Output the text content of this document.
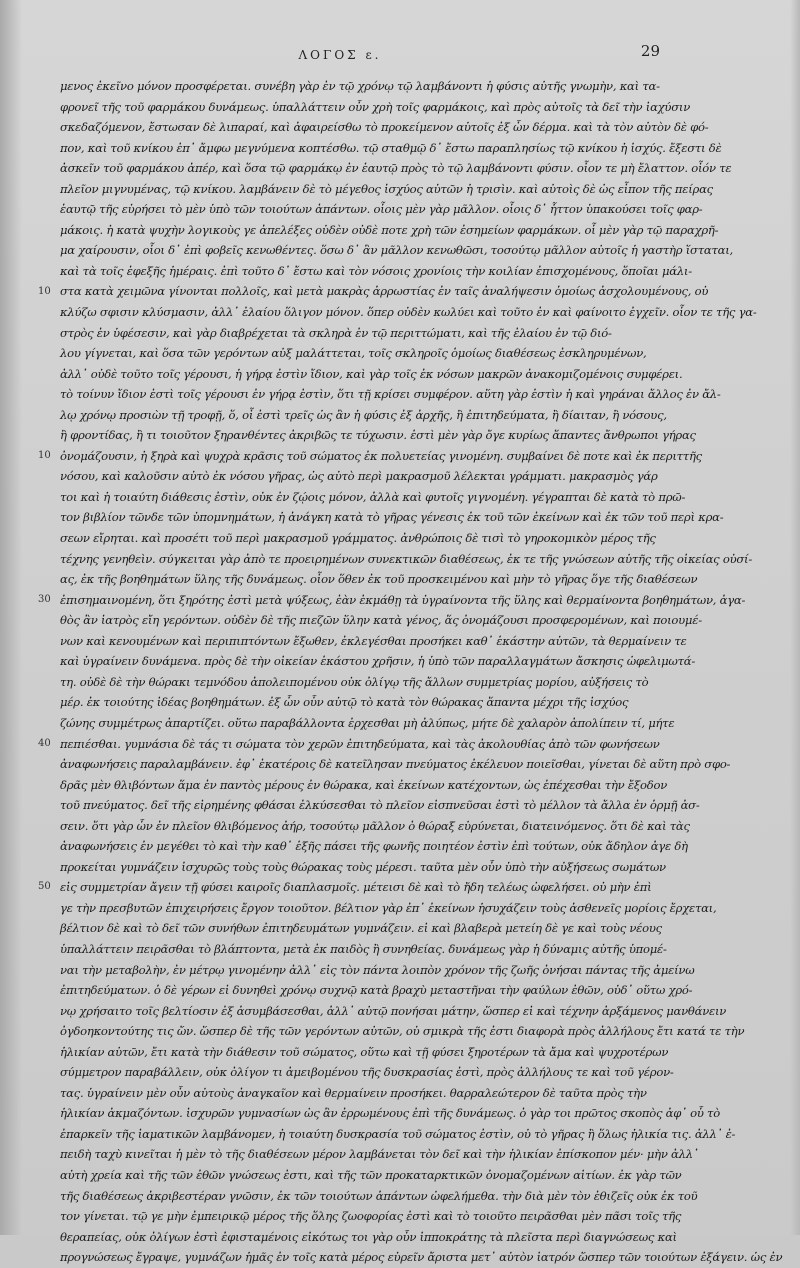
ΛΟΓΟΣ ε.	29
μενος ἐκεῖνο μόνον προσφέρεται. συνέβη γὰρ ἐν τῷ χρόνῳ τῷ λαμβάνοντι ἡ φύσις αὐτῆς γνωμὴν, καὶ τα-
φρονεῖ τῆς τοῦ φαρμάκου δυνάμεως. ὑπαλλάττειν οὖν χρὴ τοῖς φαρμάκοις, καὶ πρὸς αὐτοῖς τὰ δεῖ τὴν ἰαχύσιν
σκεδαζόμενον, ἔστωσαν δὲ λιπαραί, καὶ ἀφαιρείσθω τὸ προκείμενον αὐτοῖς ἐξ ὧν δέρμα. καὶ τὰ τὸν αὐτὸν δὲ φό-
πον, καὶ τοῦ κνίκου ἐπ᾽ ἄμφω μεγνύμενα κοπτέσθω. τῷ σταθμῷ δ᾽ ἔστω παραπλησίως τῷ κνίκου ἡ ἰσχύς. ἔξεστι δὲ
ἀσκεῖν τοῦ φαρμάκου ἀπέρ, καὶ ὅσα τῷ φαρμάκῳ ἐν ἑαυτῷ πρὸς τὸ τῷ λαμβάνοντι φύσιν. οἷον τε μὴ ἔλαττον. οἷόν τε
πλεῖον μιγνυμένας, τῷ κνίκου. λαμβάνειν δὲ τὸ μέγεθος ἰσχύος αὐτῶν ἡ τρισὶν. καὶ αὐτοὶς δὲ ὡς εἶπον τῆς πείρας
ἑαυτῷ τῆς εὑρήσει τὸ μὲν ὑπὸ τῶν τοιούτων ἁπάντων. οἷοις μὲν γὰρ μᾶλλον. οἷοις δ᾽ ἧττον ὑπακούσει τοῖς φαρ-
μάκοις. ἡ κατὰ ψυχὴν λογικοὺς γε ἀπελέξες οὐδὲν οὐδὲ ποτε χρὴ τῶν ἐσημείων φαρμάκων. οἷ μὲν γὰρ τῷ παραχρῆ-
μα χαίρουσιν, οἷοι δ᾽ ἐπὶ φοβεῖς κενωθέντες. ὅσω δ᾽ ἂν μᾶλλον κενωθῶσι, τοσούτῳ μᾶλλον αὐτοῖς ἡ γαστὴρ ἵσταται,
καὶ τὰ τοῖς ἐφεξῆς ἡμέραις. ἐπὶ τοῦτο δ᾽ ἔστω καὶ τὸν νόσοις χρονίοις τὴν κοιλίαν ἐπισχομένους, ὅποῖαι μάλι-
στα κατὰ χειμῶνα γίνονται πολλοῖς, καὶ μετὰ μακρὰς ἀρρωστίας ἐν ταῖς ἀναλήψεσιν ὁμοίως ἀσχολουμένους, οὐ
κλύζω σφισιν κλύσμασιν, ἀλλ᾽ ἐλαίου ὅλιγον μόνον. ὅπερ οὐδὲν κωλύει καὶ τοῦτο ἐν καὶ φαίνοιτο ἐγχεῖν. οἷον τε τῆς γα-
στρὸς ἐν ὑφέσεσιν, καὶ γὰρ διαβρέχεται τὰ σκληρὰ ἐν τῷ περιττώματι, καὶ τῆς ἐλαίου ἐν τῷ διό-
λου γίγνεται, καὶ ὅσα τῶν γερόντων αὐξ μαλάττεται, τοῖς σκληροῖς ὁμοίως διαθέσεως ἐσκληρυμένων,
ἀλλ᾽ οὐδὲ τοῦτο τοῖς γέρουσι, ἡ γήρᾳ ἐστὶν ἴδιον, καὶ γὰρ τοῖς ἐκ νόσων μακρῶν ἀνακομιζομένοις συμφέρει.
τὸ τοίνυν ἴδιον ἐστὶ τοῖς γέρουσι ἐν γήρᾳ ἐστὶν, ὅτι τῇ κρίσει συμφέρον. αὕτη γὰρ ἐστὶν ἡ καὶ γηράναι ἄλλος ἐν ἄλ-
λῳ χρόνῳ προσιὼν τῇ τροφῇ, ὅ, οἷ ἐστὶ τρεῖς ὡς ἂν ἡ φύσις ἐξ ἀρχῆς, ἢ ἐπιτηδεύματα, ἢ δίαιταν, ἢ νόσους,
ἢ φροντίδας, ἢ τι τοιοῦτον ξηρανθέντες ἀκριβῶς τε τύχωσιν. ἐστὶ μὲν γὰρ ὄγε κυρίως ἅπαντες ἄνθρωποι γήρας
ὀνομάζουσιν, ἡ ξηρὰ καὶ ψυχρὰ κρᾶσις τοῦ σώματος ἐκ πολυετείας γινομένη. συμβαίνει δὲ ποτε καὶ ἐκ περιττῆς
νόσου, καὶ καλοῦσιν αὐτὸ ἐκ νόσου γῆρας, ὡς αὐτὸ περὶ μακρασμοῦ λέλεκται γράμματι. μακρασμὸς γάρ
τοι καὶ ἡ τοιαύτη διάθεσις ἐστὶν, οὐκ ἐν ζῴοις μόνον, ἀλλὰ καὶ φυτοῖς γιγνομένη. γέγραπται δὲ κατὰ τὸ πρῶ-
τον βιβλίον τῶνδε τῶν ὑπομνημάτων, ἡ ἀνάγκη κατὰ τὸ γῆρας γένεσις ἐκ τοῦ τῶν ἐκείνων καὶ ἐκ τῶν τοῦ περὶ κρα-
σεων εἴρηται. καὶ προσέτι τοῦ περὶ μακρασμοῦ γράμματος. ἀνθρώποις δὲ τισὶ τὸ γηροκομικὸν μέρος τῆς
τέχνης γενηθεὶν. σύγκειται γὰρ ἀπὸ τε προειρημένων συνεκτικῶν διαθέσεως, ἐκ τε τῆς γνώσεων αὐτῆς τῆς οἰκείας οὐσί-
ας, ἐκ τῆς βοηθημάτων ὕλης τῆς δυνάμεως. οἷον ὅθεν ἐκ τοῦ προσκειμένου καὶ μὴν τὸ γῆρας ὅγε τῆς διαθέσεων
ἐπισημαινομένη, ὅτι ξηρότης ἐστὶ μετὰ ψύξεως, ἐὰν ἐκμάθῃ τὰ ὑγραίνοντα τῆς ὕλης καὶ θερμαίνοντα βοηθημάτων, ἀγα-
θὸς ἂν ἰατρὸς εἴη γερόντων. οὐδὲν δὲ τῆς πιεζῶν ὕλην κατὰ γένος, ἅς ὀνομάζουσι προσφερομένων, καὶ ποιουμέ-
νων καὶ κενουμένων καὶ περιπιπτόντων ἔξωθεν, ἐκλεγέσθαι προσήκει καθ᾽ ἑκάστην αὐτῶν, τὰ θερμαίνειν τε
καὶ ὑγραίνειν δυνάμενα. πρὸς δὲ τὴν οἰκείαν ἑκάστου χρῆσιν, ἡ ὑπὸ τῶν παραλλαγμάτων ἄσκησις ὠφελιμωτά-
τη. οὐδὲ δὲ τὴν θώρακι τεμνόδου ἀπολειπομένου οὐκ ὀλίγῳ τῆς ἄλλων συμμετρίας μορίου, αὐξήσεις τὸ
μέρ. ἐκ τοιούτης ἰδέας βοηθημάτων. ἐξ ὧν οὖν αὐτῷ τὸ κατὰ τὸν θώρακας ἅπαντα μέχρι τῆς ἰσχύος
ζώνης συμμέτρως ἀπαρτίζει. οὕτω παραβάλλοντα ἐρχεσθαι μὴ ἀλύπως, μήτε δὲ χαλαρὸν ἀπολίπειν τί, μήτε
πεπιέσθαι. γυμνάσια δὲ τάς τι σώματα τὸν χερῶν ἐπιτηδεύματα, καὶ τὰς ἀκολουθίας ἀπὸ τῶν φωνήσεων
ἀναφωνήσεις παραλαμβάνειν. ἐφ᾽ ἑκατέροις δὲ κατεῖλησαν πνεύματος ἐκέλευον ποιεῖσθαι, γίνεται δὲ αὕτη πρὸ σφο-
δρᾶς μὲν θλιβόντων ἅμα ἐν παντὸς μέρους ἐν θώρακα, καὶ ἐκείνων κατέχοντων, ὡς ἐπέχεσθαι τὴν ἔξοδον
τοῦ πνεύματος. δεῖ τῆς εἰρημένης φθάσαι ἐλκύσεσθαι τὸ πλεῖον εἰσπνεῦσαι ἐστὶ τὸ μέλλον τὰ ἄλλα ἐν ὁρμῇ ἀσ-
σειν. ὅτι γὰρ ὧν ἐν πλεῖον θλιβόμενος ἀήρ, τοσούτῳ μᾶλλον ὁ θώραξ εὐρύνεται, διατεινόμενος. ὅτι δὲ καὶ τὰς
ἀναφωνήσεις ἐν μεγέθει τὸ καὶ τὴν καθ᾽ ἑξῆς πάσει τῆς φωνῆς ποιητέον ἐστὶν ἐπὶ τούτων, οὐκ ἄδηλον ἀγε δὴ
προκείται γυμνάζειν ἰσχυρῶς τοὺς τοὺς θώρακας τοὺς μέρεσι. ταῦτα μὲν οὖν ὑπὸ τὴν αὐξήσεως σωμάτων
εἰς συμμετρίαν ἄγειν τῇ φύσει καιροῖς διαπλασμοῖς. μέτεισι δὲ καὶ τὸ ἤδη τελέως ὠφελήσει. οὐ μὴν ἐπὶ
γε τὴν πρεσβυτῶν ἐπιχειρήσεις ἔργον τοιοῦτον. βέλτιον γὰρ ἐπ᾽ ἐκείνων ἡσυχάζειν τοὺς ἀσθενεῖς μορίοις ἔρχεται,
βέλτιον δὲ καὶ τὸ δεῖ τῶν συνήθων ἐπιτηδευμάτων γυμνάζειν. εἰ καὶ βλαβερὰ μετείη δὲ γε καὶ τοὺς νέους
ὑπαλλάττειν πειρᾶσθαι τὸ βλάπτοντα, μετὰ ἐκ παιδὸς ἢ συνηθείας. δυνάμεως γὰρ ἡ δύναμις αὐτῆς ὑπομέ-
ναι τὴν μεταβολὴν, ἐν μέτρῳ γινομένην ἀλλ᾽ εἰς τὸν πάντα λοιπὸν χρόνον τῆς ζωῆς ὀνήσαι πάντας τῆς ἀμείνω
ἐπιτηδεύματων. ὁ δὲ γέρων εἰ δυνηθεὶ χρόνῳ συχνῷ κατὰ βραχὺ μεταστῆναι τὴν φαύλων ἐθῶν, οὐδ᾽ οὕτω χρό-
νῳ χρήσαιτο τοῖς βελτίοσιν ἐξ ἀσυμβάσεσθαι, ἀλλ᾽ αὐτῷ πονήσαι μάτην, ὥσπερ εἰ καὶ τέχνην ἀρξάμενος μανθάνειν
ὀγδοηκοντούτης τις ὤν. ὥσπερ δὲ τῆς τῶν γερόντων αὐτῶν, οὐ σμικρὰ τῆς ἐστι διαφορὰ πρὸς ἀλλήλους ἔτι κατά τε τὴν
ἡλικίαν αὐτῶν, ἔτι κατὰ τὴν διάθεσιν τοῦ σώματος, οὕτω καὶ τῇ φύσει ξηροτέρων τὰ ἄμα καὶ ψυχροτέρων
σύμμετρον παραβάλλειν, οὐκ ὀλίγον τι ἀμειβομένου τῆς δυσκρασίας ἐστὶ, πρὸς ἀλλήλους τε καὶ τοῦ γέρον-
τας. ὑγραίνειν μὲν οὖν αὐτοὺς ἀναγκαῖον καὶ θερμαίνειν προσήκει. θαρραλεώτερον δὲ ταῦτα πρὸς τὴν
ἡλικίαν ἀκμαζόντων. ἰσχυρῶν γυμνασίων ὡς ἂν ἐρρωμένους ἐπὶ τῆς δυνάμεως. ὁ γὰρ τοι πρῶτος σκοπὸς ἀφ᾽ οὗ τὸ
ἐπαρκεῖν τῆς ἰαματικῶν λαμβάνομεν, ἡ τοιαύτη δυσκρασία τοῦ σώματος ἐστὶν, οὐ τὸ γῆρας ἢ ὅλως ἡλικία τις. ἀλλ᾽ ἐ-
πειδὴ ταχὺ κινεῖται ἡ μὲν τὸ τῆς διαθέσεων μέρον λαμβάνεται τὸν δεῖ καὶ τὴν ἡλικίαν ἐπίσκοπον μέν· μὴν ἀλλ᾽
αὐτὴ χρεία καὶ τῆς τῶν ἐθῶν γνώσεως ἐστι, καὶ τῆς τῶν προκαταρκτικῶν ὀνομαζομένων αἰτίων. ἐκ γὰρ τῶν
τῆς διαθέσεως ἀκριβεστέραν γνῶσιν, ἐκ τῶν τοιούτων ἁπάντων ὠφελήμεθα. τὴν διὰ μὲν τὸν ἐθιζεῖς οὐκ ἐκ τοῦ
τον γίνεται. τῷ γε μὴν ἐμπειρικῷ μέρος τῆς ὅλης ζωοφορίας ἐστὶ καὶ τὸ τοιοῦτο πειρᾶσθαι μὲν πᾶσι τοῖς τῆς
θεραπείας, οὐκ ὀλίγων ἐστὶ ἐφισταμένοις εἰκότως τοι γὰρ οὖν ἱπποκράτης τὰ πλεῖστα περὶ διαγνώσεως καὶ
προγνώσεως ἔγραψε, γυμνάζων ἡμᾶς ἐν τοῖς κατὰ μέρος εὑρεῖν ἄριστα μετ᾽ αὐτὸν ἰατρόν ὥσπερ τῶν τοιούτων ἐξάγειν. ὡς ἐν
10
10
30
40
50
